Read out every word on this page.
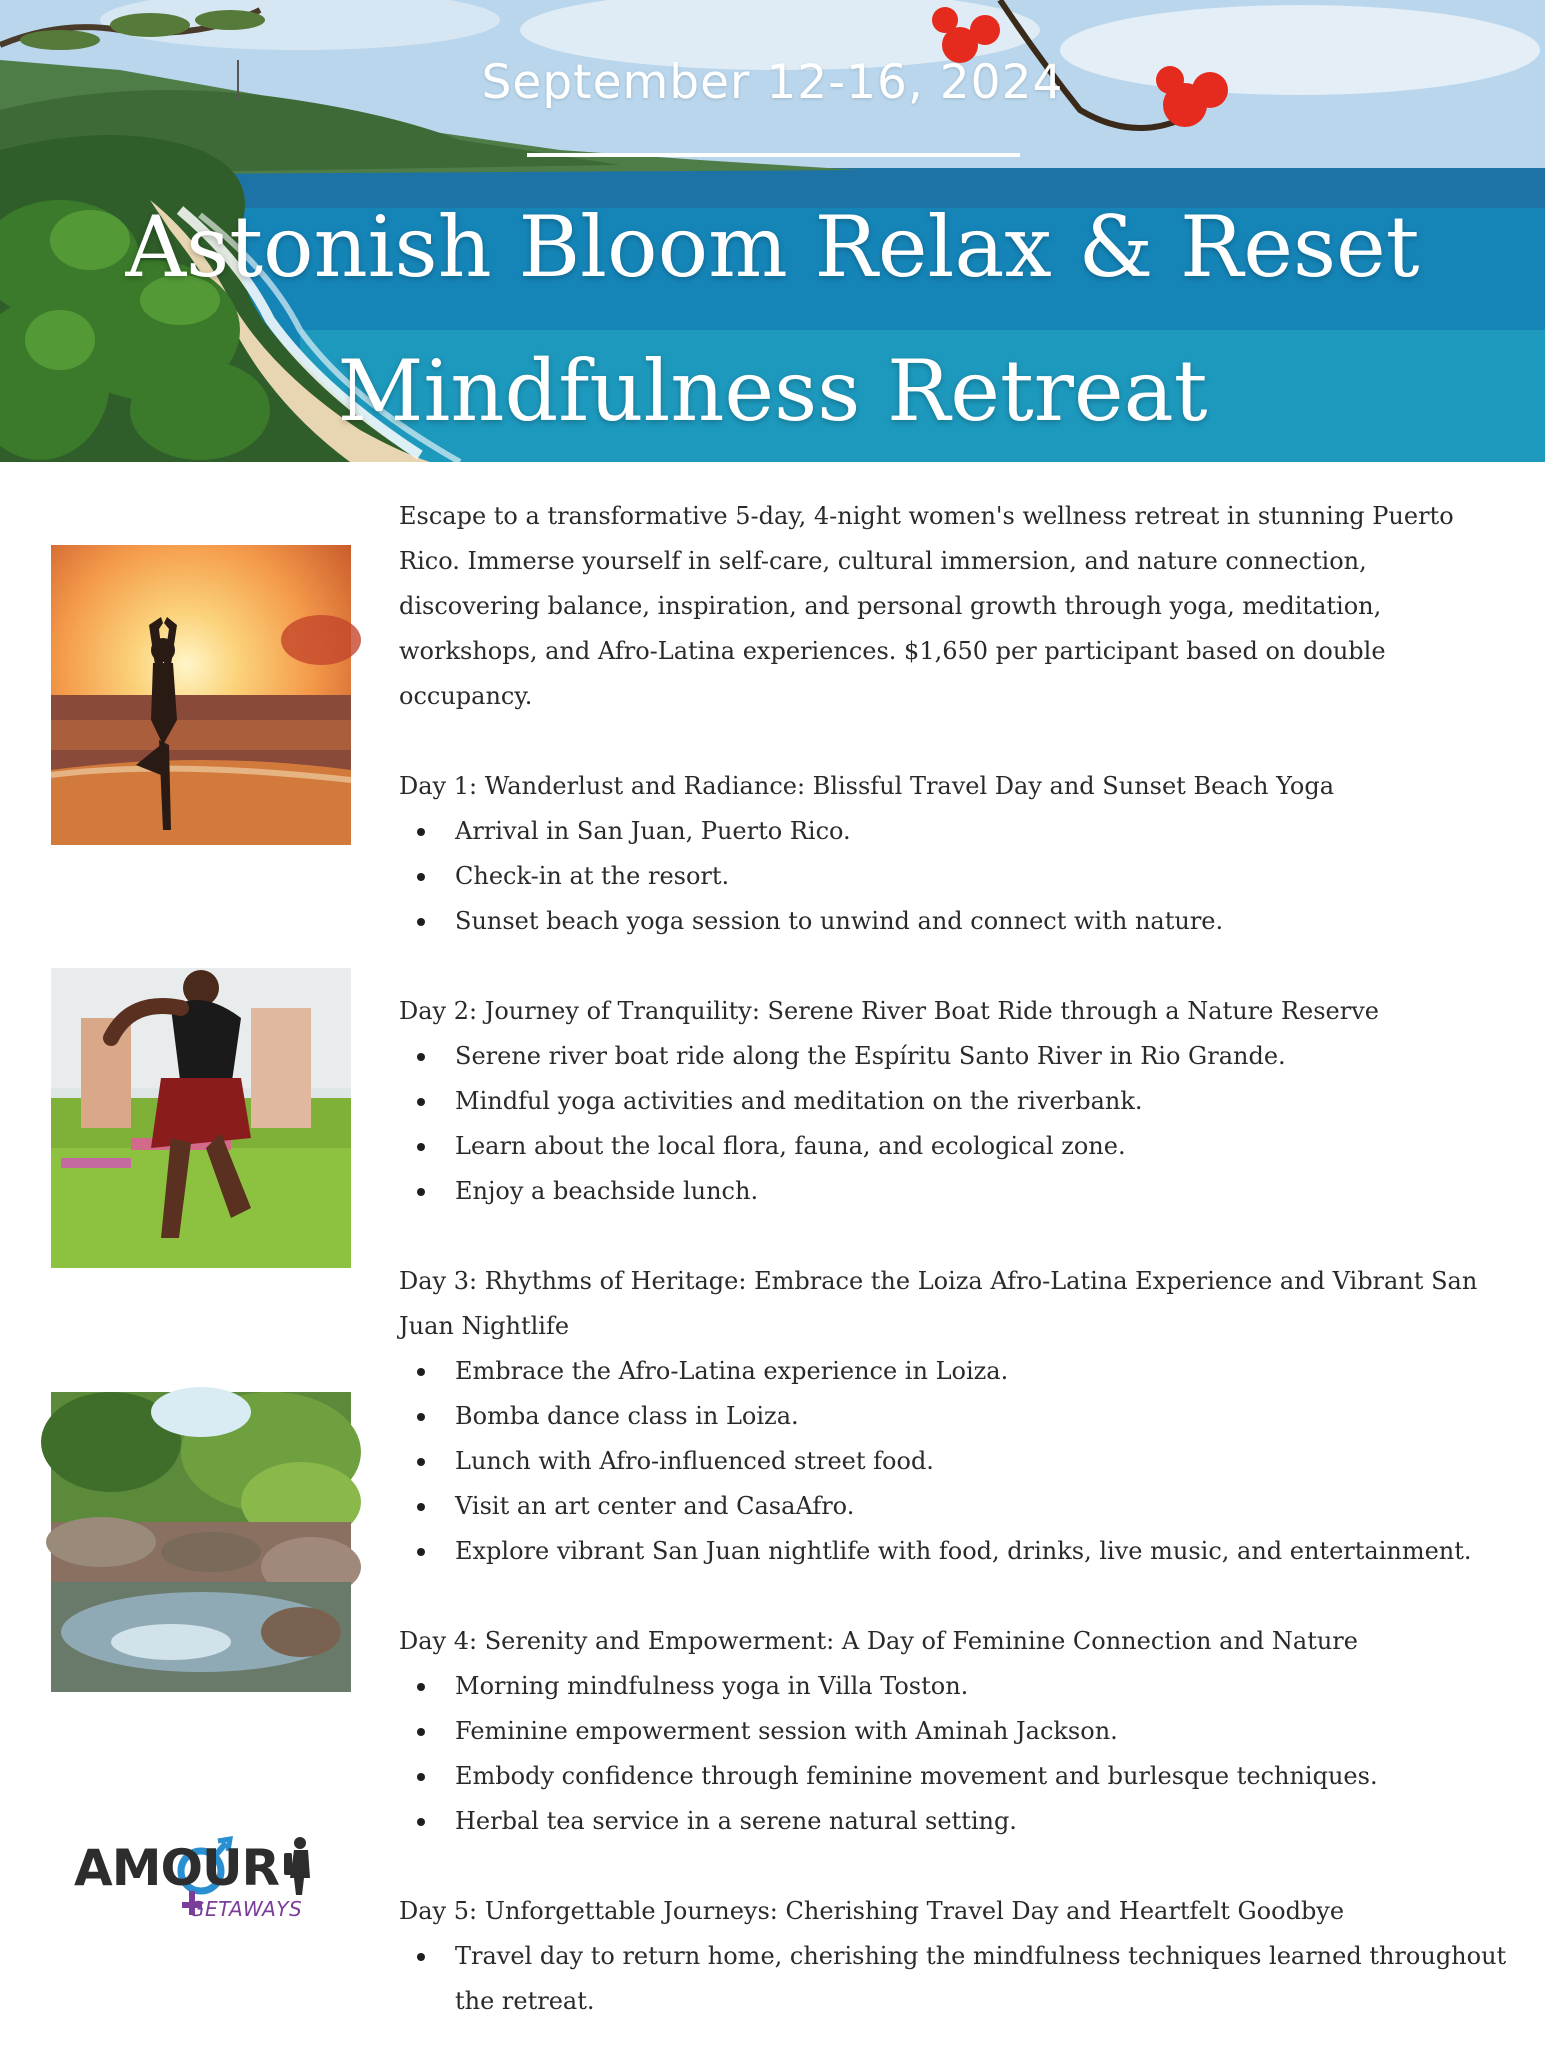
September 12-16, 2024
Astonish Bloom Relax & Reset
Mindfulness Retreat
AMOUR
GETAWAYS

Escape to a transformative 5-day, 4-night women's wellness retreat in stunning Puerto Rico. Immerse yourself in self-care, cultural immersion, and nature connection, discovering balance, inspiration, and personal growth through yoga, meditation, workshops, and Afro-Latina experiences. $1,650 per participant based on double occupancy.

Day 1: Wanderlust and Radiance: Blissful Travel Day and Sunset Beach Yoga
Arrival in San Juan, Puerto Rico.
Check-in at the resort.
Sunset beach yoga session to unwind and connect with nature.
Day 2: Journey of Tranquility: Serene River Boat Ride through a Nature Reserve
Serene river boat ride along the Espíritu Santo River in Rio Grande.
Mindful yoga activities and meditation on the riverbank.
Learn about the local flora, fauna, and ecological zone.
Enjoy a beachside lunch.
Day 3: Rhythms of Heritage: Embrace the Loiza Afro-Latina Experience and Vibrant San Juan Nightlife
Embrace the Afro-Latina experience in Loiza.
Bomba dance class in Loiza.
Lunch with Afro-influenced street food.
Visit an art center and CasaAfro.
Explore vibrant San Juan nightlife with food, drinks, live music, and entertainment.
Day 4: Serenity and Empowerment: A Day of Feminine Connection and Nature
Morning mindfulness yoga in Villa Toston.
Feminine empowerment session with Aminah Jackson.
Embody confidence through feminine movement and burlesque techniques.
Herbal tea service in a serene natural setting.
Day 5: Unforgettable Journeys: Cherishing Travel Day and Heartfelt Goodbye
Travel day to return home, cherishing the mindfulness techniques learned throughout the retreat.
